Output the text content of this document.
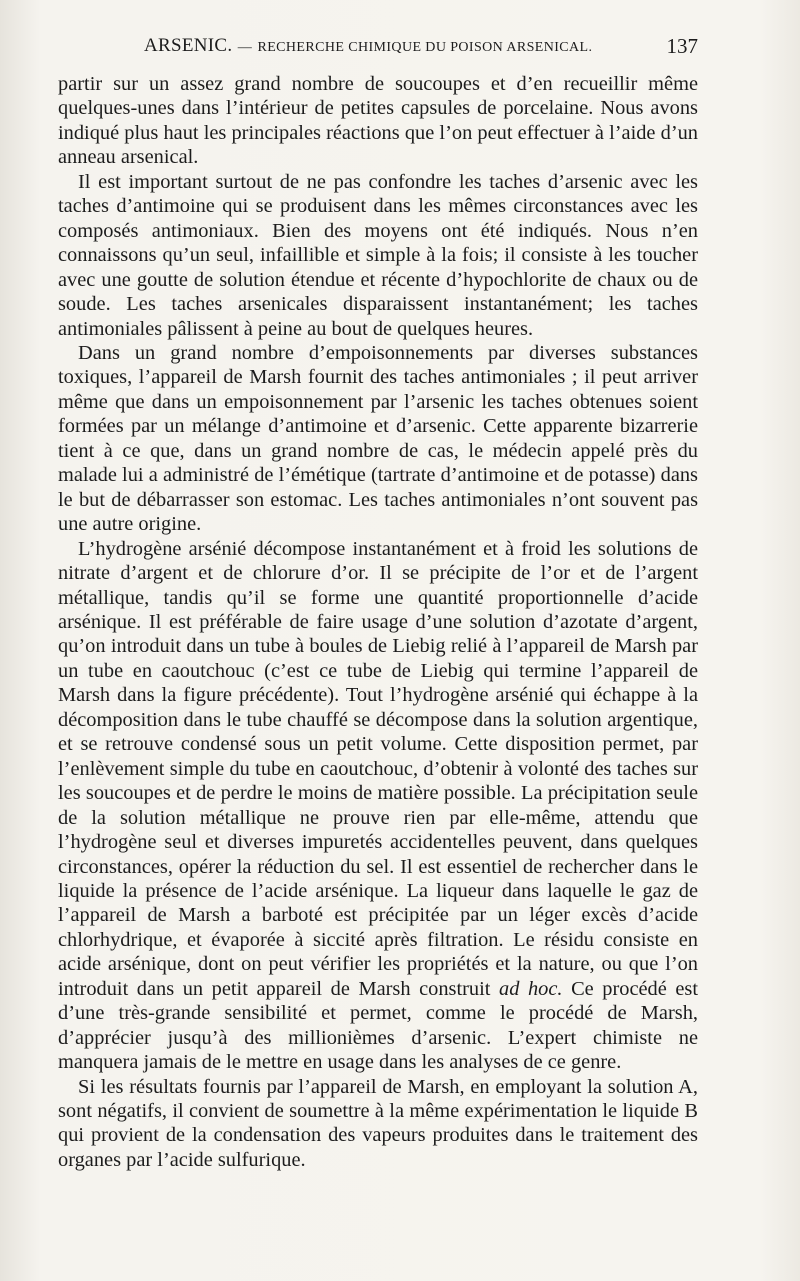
ARSENIC. — RECHERCHE CHIMIQUE DU POISON ARSENICAL.	137

partir sur un assez grand nombre de soucoupes et d’en recueillir même quelques-unes dans l’intérieur de petites capsules de porcelaine. Nous avons indiqué plus haut les principales réactions que l’on peut effectuer à l’aide d’un anneau arsenical.

Il est important surtout de ne pas confondre les taches d’arsenic avec les taches d’antimoine qui se produisent dans les mêmes circonstances avec les composés antimoniaux. Bien des moyens ont été indiqués. Nous n’en connaissons qu’un seul, infaillible et simple à la fois; il consiste à les toucher avec une goutte de solution étendue et récente d’hypochlorite de chaux ou de soude. Les taches arsenicales disparaissent instantanément; les taches antimoniales pâlissent à peine au bout de quelques heures.

Dans un grand nombre d’empoisonnements par diverses substances toxiques, l’appareil de Marsh fournit des taches antimoniales ; il peut arriver même que dans un empoisonnement par l’arsenic les taches obtenues soient formées par un mélange d’antimoine et d’arsenic. Cette apparente bizarrerie tient à ce que, dans un grand nombre de cas, le médecin appelé près du malade lui a administré de l’émétique (tartrate d’antimoine et de potasse) dans le but de débarrasser son estomac. Les taches antimoniales n’ont souvent pas une autre origine.

L’hydrogène arsénié décompose instantanément et à froid les solutions de nitrate d’argent et de chlorure d’or. Il se précipite de l’or et de l’argent métallique, tandis qu’il se forme une quantité proportionnelle d’acide arsénique. Il est préférable de faire usage d’une solution d’azotate d’argent, qu’on introduit dans un tube à boules de Liebig relié à l’appareil de Marsh par un tube en caoutchouc (c’est ce tube de Liebig qui termine l’appareil de Marsh dans la figure précédente). Tout l’hydrogène arsénié qui échappe à la décomposition dans le tube chauffé se décompose dans la solution argentique, et se retrouve condensé sous un petit volume. Cette disposition permet, par l’enlèvement simple du tube en caoutchouc, d’obtenir à volonté des taches sur les soucoupes et de perdre le moins de matière possible. La précipitation seule de la solution métallique ne prouve rien par elle-même, attendu que l’hydrogène seul et diverses impuretés accidentelles peuvent, dans quelques circonstances, opérer la réduction du sel. Il est essentiel de rechercher dans le liquide la présence de l’acide arsénique. La liqueur dans laquelle le gaz de l’appareil de Marsh a barboté est précipitée par un léger excès d’acide chlorhydrique, et évaporée à siccité après filtration. Le résidu consiste en acide arsénique, dont on peut vérifier les propriétés et la nature, ou que l’on introduit dans un petit appareil de Marsh construit ad hoc. Ce procédé est d’une très-grande sensibilité et permet, comme le procédé de Marsh, d’apprécier jusqu’à des millionièmes d’arsenic. L’expert chimiste ne manquera jamais de le mettre en usage dans les analyses de ce genre.

Si les résultats fournis par l’appareil de Marsh, en employant la solution A, sont négatifs, il convient de soumettre à la même expérimentation le liquide B qui provient de la condensation des vapeurs produites dans le traitement des organes par l’acide sulfurique.
